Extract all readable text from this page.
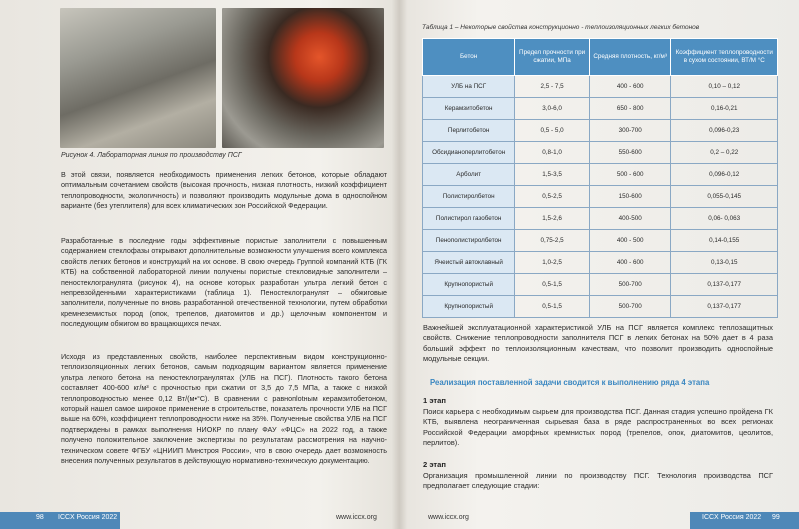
Рисунок 4. Лабораторная линия по производству ПСГ
В этой связи, появляется необходимость применения легких бетонов, которые обладают оптимальным сочетанием свойств (высокая прочность, низкая плотность, низкий коэффициент теплопроводности, экологичность) и позволяют производить модульные дома в односпойном варианте (без утеплителя) для всех климатических зон Российской Федерации.
Разработанные в последние годы эффективные пористые заполнители с повышенным содержанием стеклофазы открывают дополнительные возможности улучшения всего комплекса свойств легких бетонов и конструкций на их основе. В свою очередь Группой компаний КТБ (ГК КТБ) на собственной лабораторной линии получены пористые стекловидные заполнители – пеностеклогранулята (рисунок 4), на основе которых разработан ультра легкий бетон с непревзойденными характеристиками (таблица 1). Пеностеклогранулят – обжиговые заполнители, полученные по вновь разработанной отечественной технологии, путем обработки кремнеземистых пород (опок, трепелов, диатомитов и др.) щелочным компонентом и последующим обжигом во вращающихся печах.
Исходя из представленных свойств, наиболее перспективным видом конструкционно-теплоизоляционных легких бетонов, самым подходящим вариантом является применение ультра легкого бетона на пеностеклогранулятах (УЛБ на ПСГ). Плотность такого бетона составляет 400-600 кг/м³ с прочностью при сжатии от 3,5 до 7,5 МПа, а также с низкой теплопроводностью менее 0,12 Вт/(м•°С). В сравнении с равнопlotным керамзитобетоном, который нашел самое широкое применение в строительстве, показатель прочности УЛБ на ПСГ выше на 60%, коэффициент теплопроводности ниже на 35%. Полученные свойства УЛБ на ПСГ подтверждены в рамках выполнения НИОКР по плану ФАУ «ФЦС» на 2022 год, а также получено положительное заключение экспертизы по результатам рассмотрения на научно-техническом совете ФГБУ «ЦНИИП Минстроя России», что в свою очередь дает возможность внесения полученных результатов в действующую нормативно-техническую документацию.
98 ICCX Россия 2022	www.iccx.org
Таблица 1 – Некоторые свойства конструкционно - теплоизоляционных легких бетонов
Бетон	Предел прочности при сжатии, МПа	Средняя плотность, кг/м³	Коэффициент теплопроводности в сухом состоянии, ВТ/М °С
УЛБ на ПСГ	2,5 - 7,5	400 - 600	0,10 – 0,12
Керамзитобетон	3,0-6,0	650 - 800	0,16-0,21
Перлитобетон	0,5 - 5,0	300-700	0,096-0,23
Обсидианоперлитобетон	0,8-1,0	550-600	0,2 – 0,22
Арболит	1,5-3,5	500 - 600	0,096-0,12
Полистиролбетон	0,5-2,5	150-600	0,055-0,145
Полистирол газобетон	1,5-2,6	400-500	0,06- 0,063
Пенополистиролбетон	0,75-2,5	400 - 500	0,14-0,155
Ячеистый автоклавный	1,0-2,5	400 - 600	0,13-0,15
Крупнопористый	0,5-1,5	500-700	0,137-0,177
Крупнопористый	0,5-1,5	500-700	0,137-0,177
Важнейшей эксплуатационной характеристикой УЛБ на ПСГ является комплекс теплозащитных свойств. Снижение теплопроводности заполнителя ПСГ в легких бетонах на 50% дает в 4 раза больший эффект по теплоизоляционным качествам, что позволит производить односпойные модульные секции.
Реализация поставленной задачи сводится к выполнению ряда 4 этапа
1 этап
Поиск карьера с необходимым сырьем для производства ПСГ. Данная стадия успешно пройдена ГК КТБ, выявлена неограниченная сырьевая база в ряде распространенных во всех регионах Российской Федерации аморфных кремнистых пород (трепелов, опок, диатомитов, цеолитов, перлитов).
2 этап
Организация промышленной линии по производству ПСГ. Технология производства ПСГ предполагает следующие стадии:
www.iccx.org	ICCX Россия 2022 99
